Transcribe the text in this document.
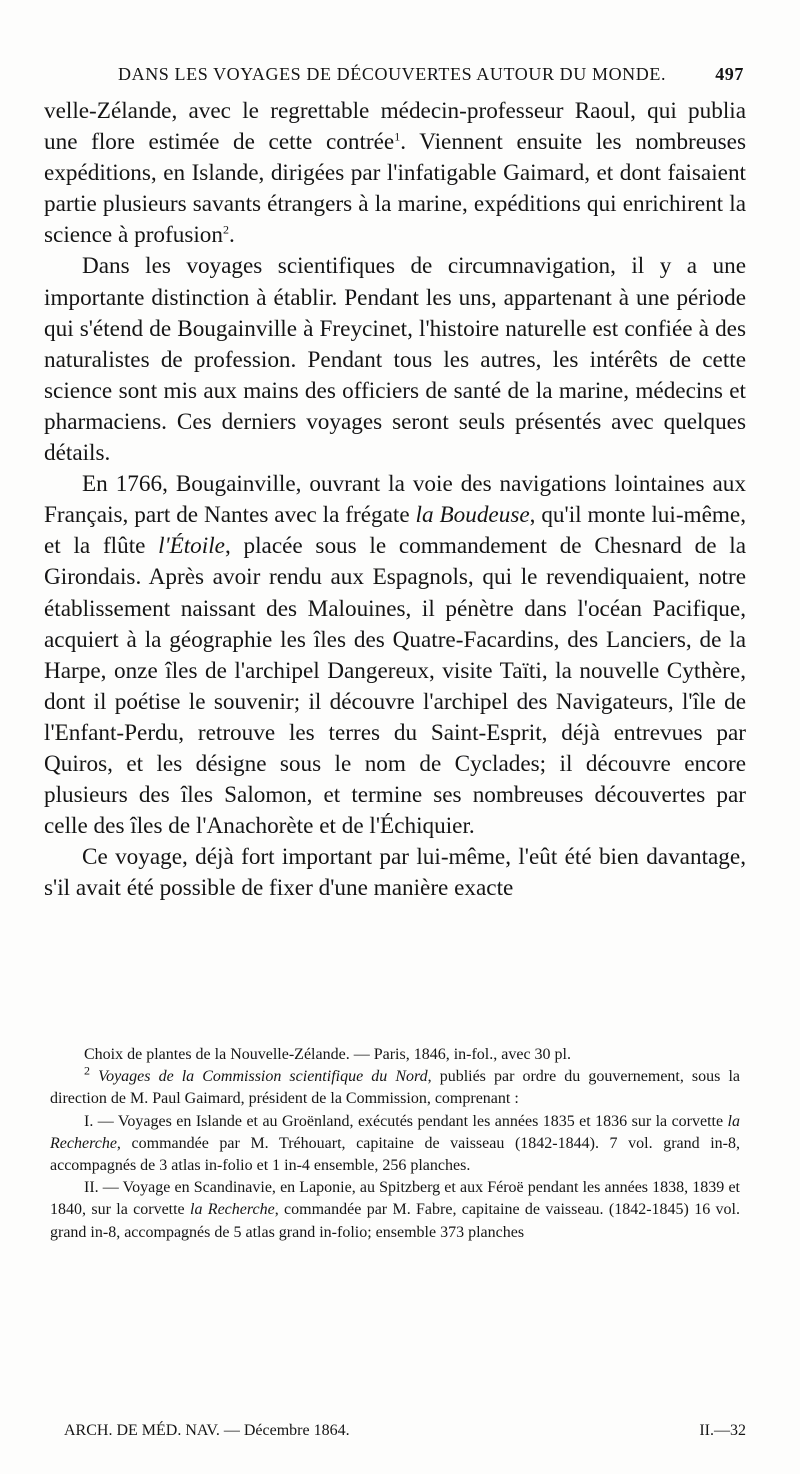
DANS LES VOYAGES DE DÉCOUVERTES AUTOUR DU MONDE.	497

velle-Zélande, avec le regrettable médecin-professeur Raoul, qui publia une flore estimée de cette contrée$^1$. Viennent ensuite les nombreuses expéditions, en Islande, dirigées par l'infatigable Gaimard, et dont faisaient partie plusieurs savants étrangers à la marine, expéditions qui enrichirent la science à profusion$^2$.

Dans les voyages scientifiques de circumnavigation, il y a une importante distinction à établir. Pendant les uns, appartenant à une période qui s'étend de Bougainville à Freycinet, l'histoire naturelle est confiée à des naturalistes de profession. Pendant tous les autres, les intérêts de cette science sont mis aux mains des officiers de santé de la marine, médecins et pharmaciens. Ces derniers voyages seront seuls présentés avec quelques détails.

En 1766, Bougainville, ouvrant la voie des navigations lointaines aux Français, part de Nantes avec la frégate la Boudeuse, qu'il monte lui-même, et la flûte l'Étoile, placée sous le commandement de Chesnard de la Girondais. Après avoir rendu aux Espagnols, qui le revendiquaient, notre établissement naissant des Malouines, il pénètre dans l'océan Pacifique, acquiert à la géographie les îles des Quatre-Facardins, des Lanciers, de la Harpe, onze îles de l'archipel Dangereux, visite Taïti, la nouvelle Cythère, dont il poétise le souvenir; il découvre l'archipel des Navigateurs, l'île de l'Enfant-Perdu, retrouve les terres du Saint-Esprit, déjà entrevues par Quiros, et les désigne sous le nom de Cyclades; il découvre encore plusieurs des îles Salomon, et termine ses nombreuses découvertes par celle des îles de l'Anachorète et de l'Échiquier.

Ce voyage, déjà fort important par lui-même, l'eût été bien davantage, s'il avait été possible de fixer d'une manière exacte

Choix de plantes de la Nouvelle-Zélande. — Paris, 1846, in-fol., avec 30 pl.

$^2$ Voyages de la Commission scientifique du Nord, publiés par ordre du gouvernement, sous la direction de M. Paul Gaimard, président de la Commission, comprenant :

I. — Voyages en Islande et au Groënland, exécutés pendant les années 1835 et 1836 sur la corvette la Recherche, commandée par M. Tréhouart, capitaine de vaisseau (1842-1844). 7 vol. grand in-8, accompagnés de 3 atlas in-folio et 1 in-4 ensemble, 256 planches.

II. — Voyage en Scandinavie, en Laponie, au Spitzberg et aux Féroë pendant les années 1838, 1839 et 1840, sur la corvette la Recherche, commandée par M. Fabre, capitaine de vaisseau. (1842-1845) 16 vol. grand in-8, accompagnés de 5 atlas grand in-folio; ensemble 373 planches

ARCH. DE MÉD. NAV. — Décembre 1864.	II.—32
